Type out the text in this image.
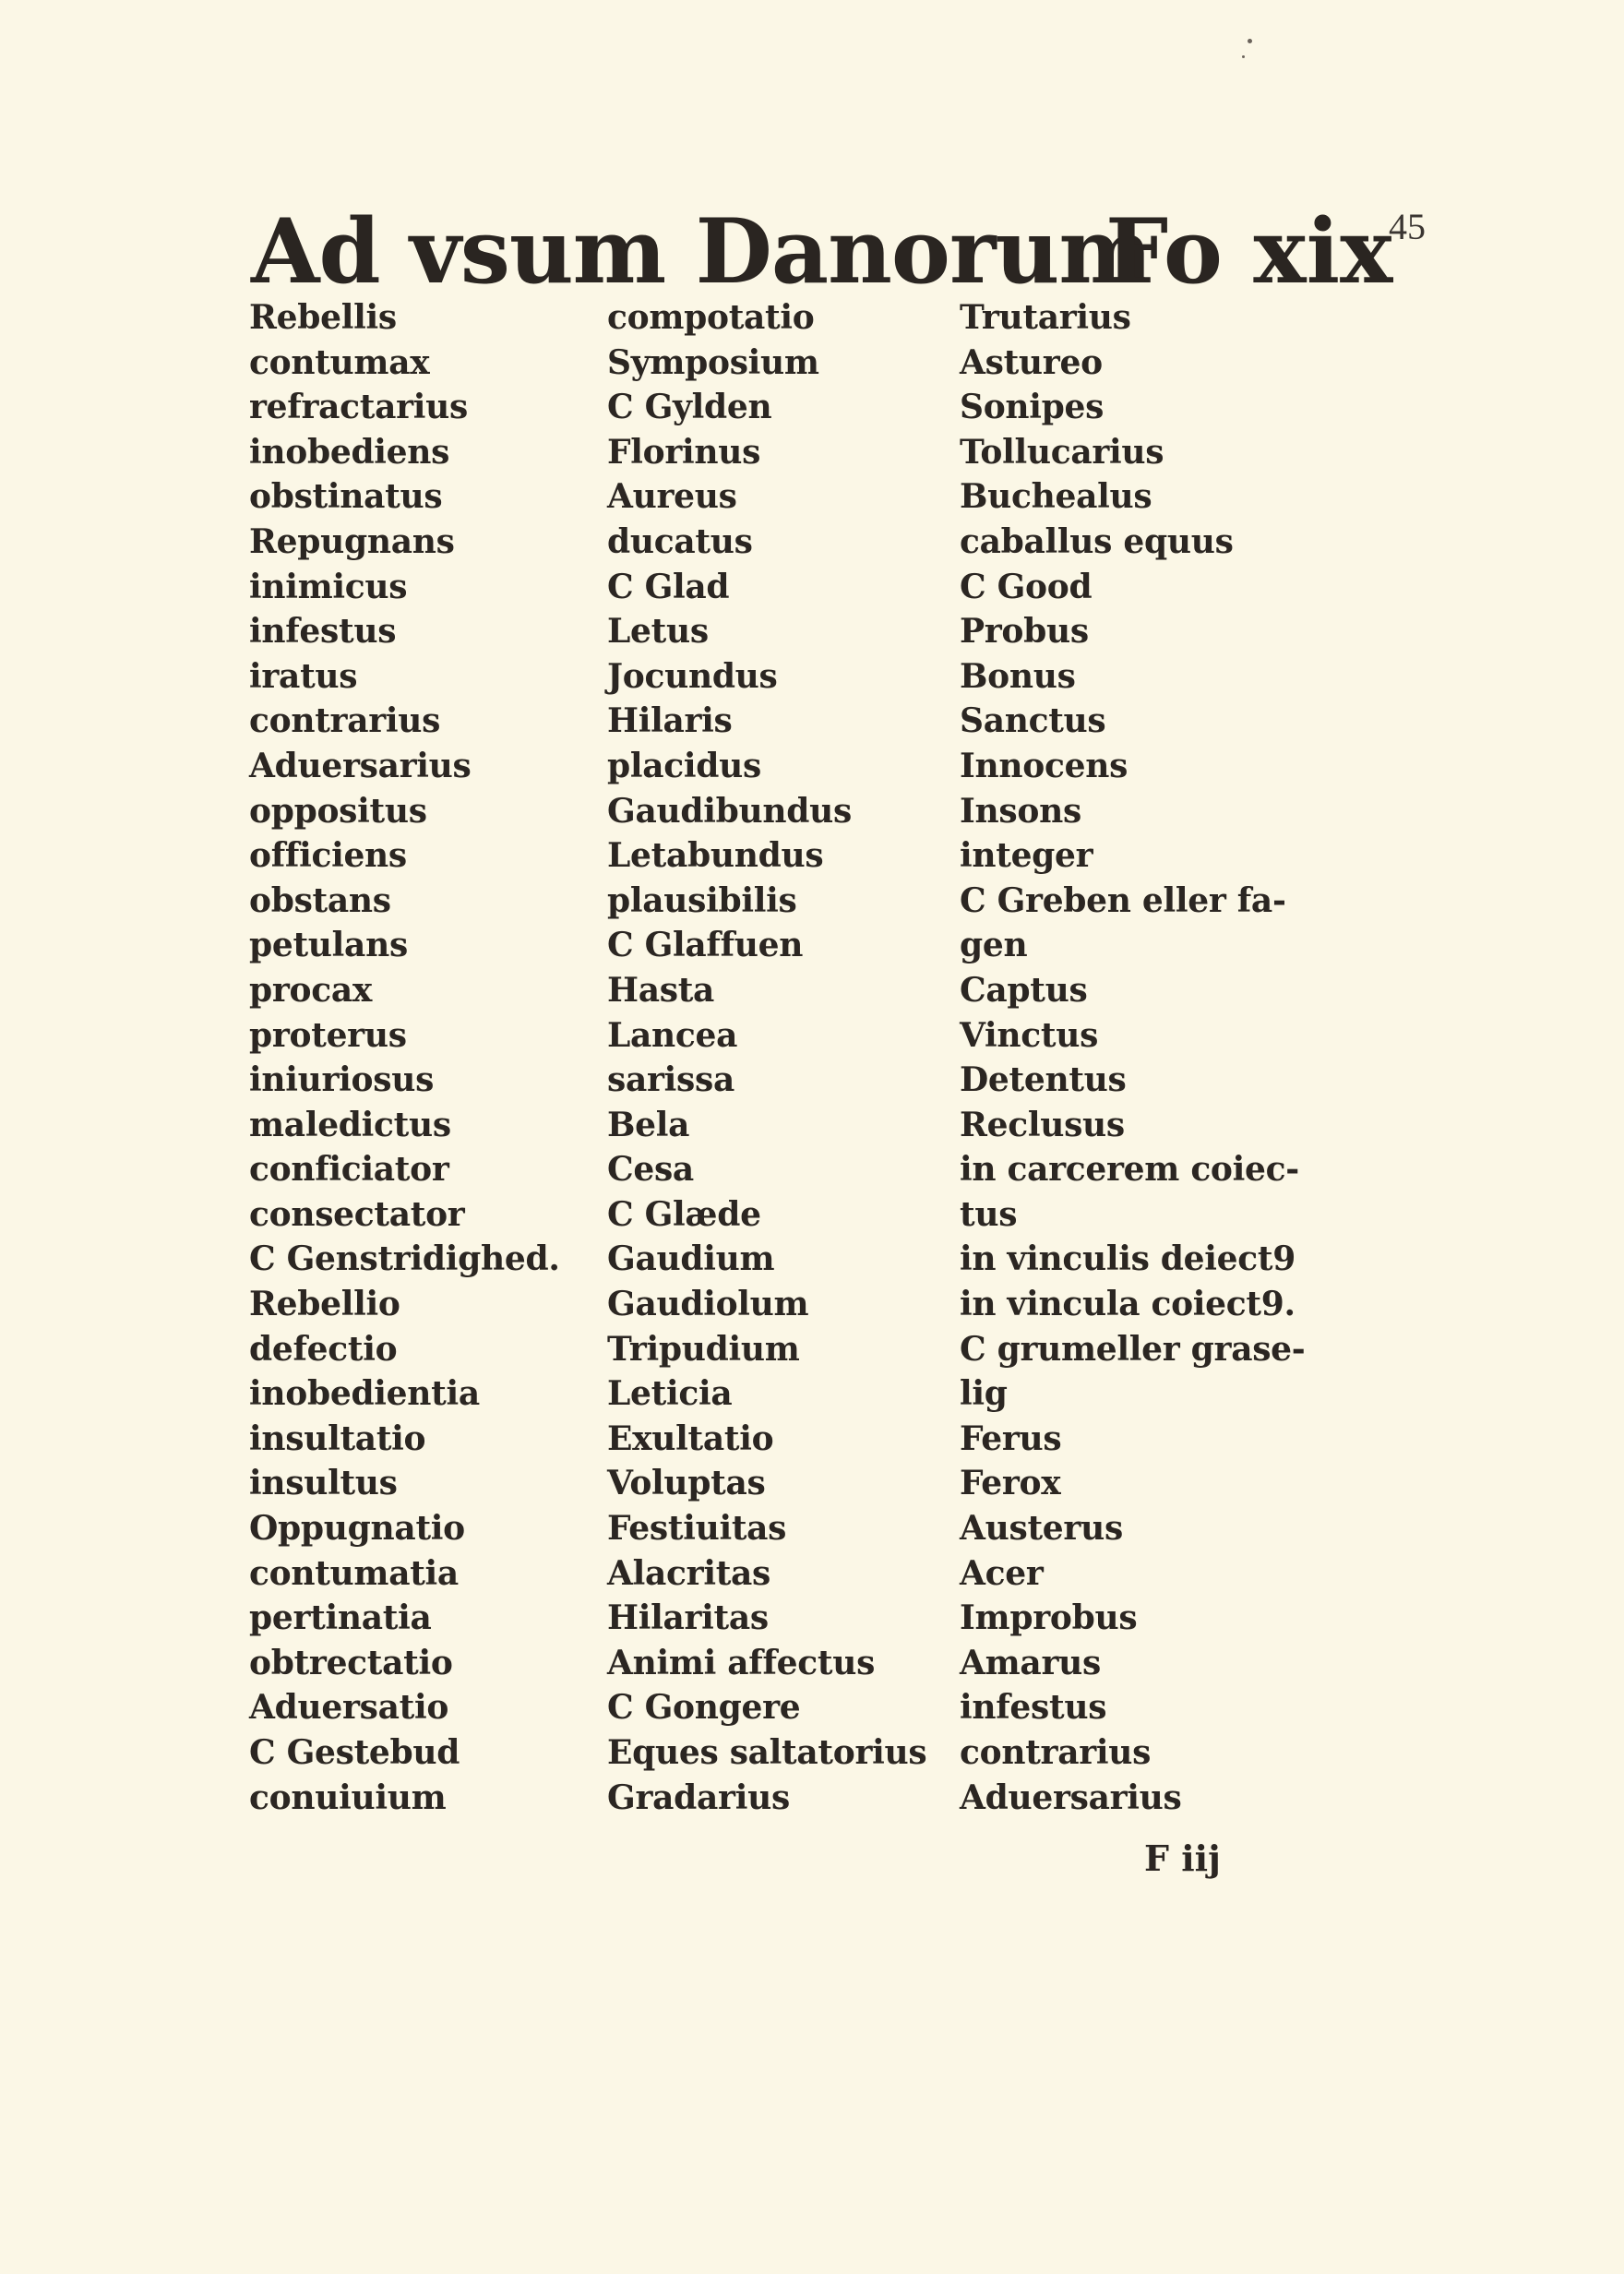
45
Ad vsum Danorum
Fo xix
Rebellis
contumax
refractarius
inobediens
obstinatus
Repugnans
inimicus
infestus
iratus
contrarius
Aduersarius
oppositus
officiens
obstans
petulans
procax
proterus
iniuriosus
maledictus
conficiator
consectator
C Genstridighed.
Rebellio
defectio
inobedientia
insultatio
insultus
Oppugnatio
contumatia
pertinatia
obtrectatio
Aduersatio
C Gestebud
conuiuium
compotatio
Symposium
C Gylden
Florinus
Aureus
ducatus
C Glad
Letus
Jocundus
Hilaris
placidus
Gaudibundus
Letabundus
plausibilis
C Glaffuen
Hasta
Lancea
sarissa
Bela
Cesa
C Glæde
Gaudium
Gaudiolum
Tripudium
Leticia
Exultatio
Voluptas
Festiuitas
Alacritas
Hilaritas
Animi affectus
C Gongere
Eques saltatorius
Gradarius
Trutarius
Astureo
Sonipes
Tollucarius
Buchealus
caballus equus
C Good
Probus
Bonus
Sanctus
Innocens
Insons
integer
C Greben eller fa-
gen
Captus
Vinctus
Detentus
Reclusus
in carcerem coiec-
tus
in vinculis deiect9
in vincula coiect9.
C grumeller grase-
lig
Ferus
Ferox
Austerus
Acer
Improbus
Amarus
infestus
contrarius
Aduersarius
F iij
